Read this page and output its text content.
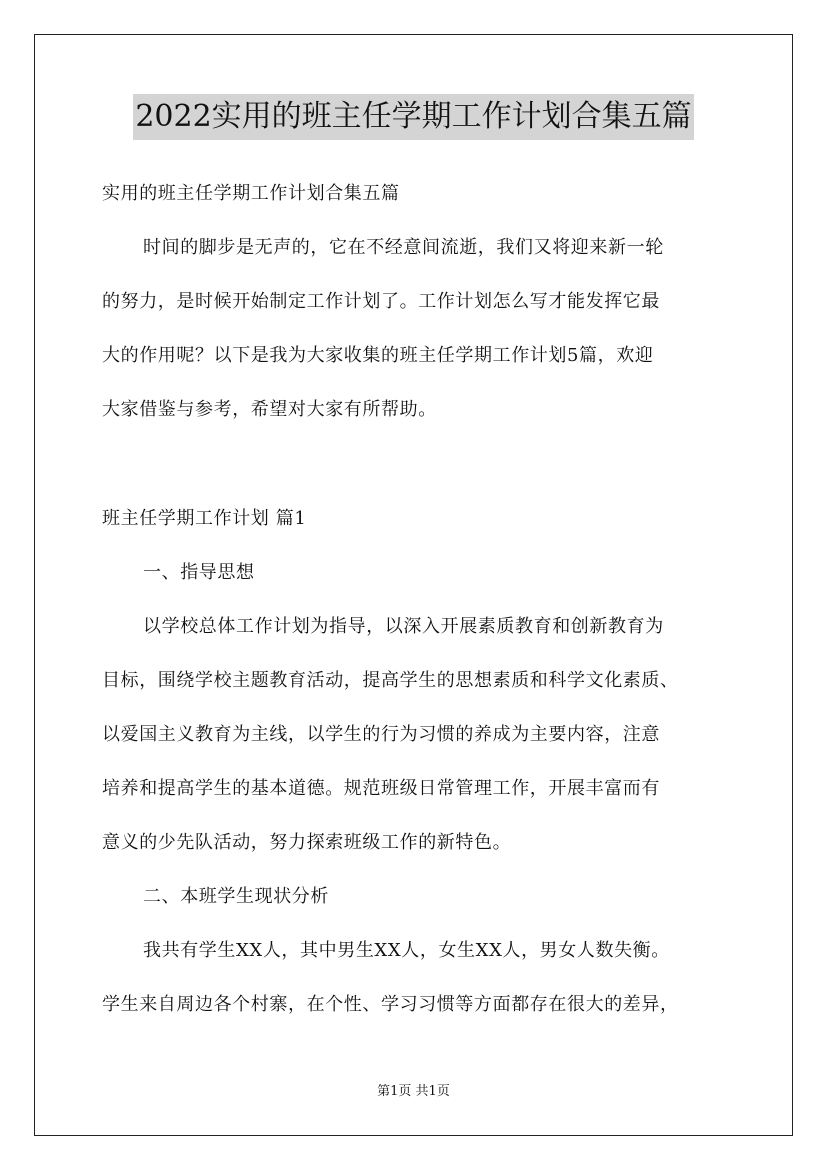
2022实用的班主任学期工作计划合集五篇

实用的班主任学期工作计划合集五篇

时间的脚步是无声的，它在不经意间流逝，我们又将迎来新一轮

的努力，是时候开始制定工作计划了。工作计划怎么写才能发挥它最

大的作用呢？以下是我为大家收集的班主任学期工作计划5篇，欢迎

大家借鉴与参考，希望对大家有所帮助。

班主任学期工作计划 篇1

一、指导思想

以学校总体工作计划为指导，以深入开展素质教育和创新教育为

目标，围绕学校主题教育活动，提高学生的思想素质和科学文化素质、

以爱国主义教育为主线，以学生的行为习惯的养成为主要内容，注意

培养和提高学生的基本道德。规范班级日常管理工作，开展丰富而有

意义的少先队活动，努力探索班级工作的新特色。

二、本班学生现状分析

我共有学生XX人，其中男生XX人，女生XX人，男女人数失衡。

学生来自周边各个村寨，在个性、学习习惯等方面都存在很大的差异，

第1页 共1页
